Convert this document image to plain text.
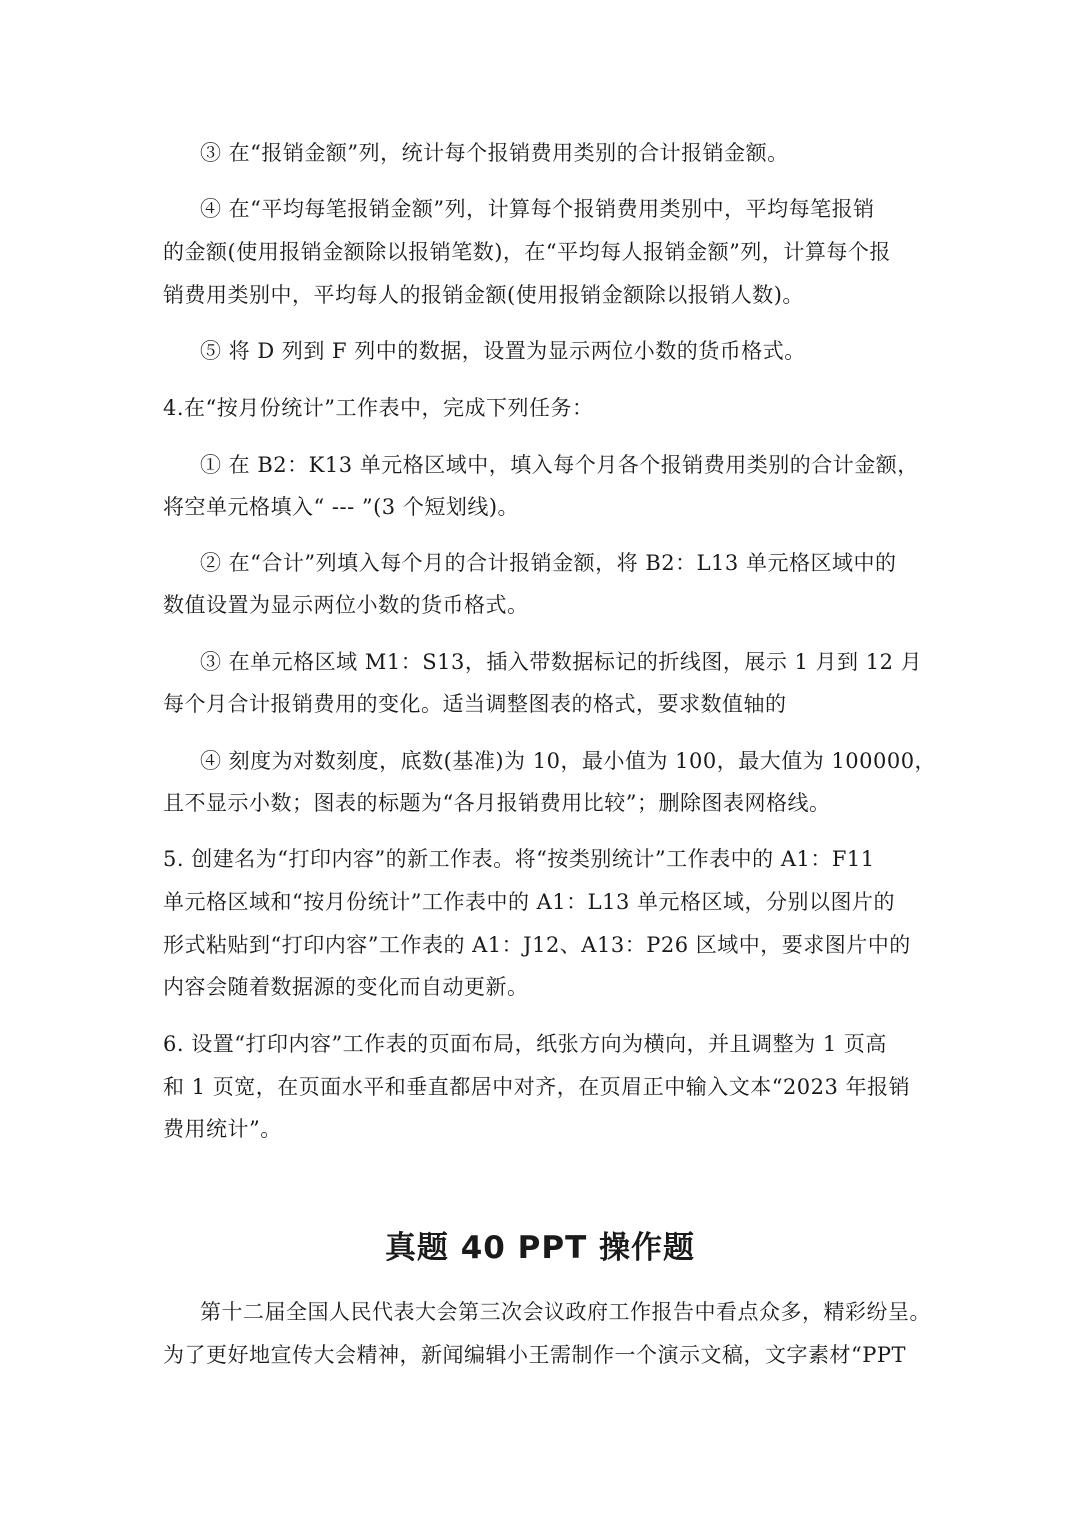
③ 在“报销金额”列，统计每个报销费用类别的合计报销金额。
④ 在“平均每笔报销金额”列，计算每个报销费用类别中，平均每笔报销
的金额(使用报销金额除以报销笔数)，在“平均每人报销金额”列，计算每个报
销费用类别中，平均每人的报销金额(使用报销金额除以报销人数)。
⑤ 将 D 列到 F 列中的数据，设置为显示两位小数的货币格式。
4.在“按月份统计”工作表中，完成下列任务：
① 在 B2：K13 单元格区域中，填入每个月各个报销费用类别的合计金额，
将空单元格填入“ --- ”(3 个短划线)。
② 在“合计”列填入每个月的合计报销金额，将 B2：L13 单元格区域中的
数值设置为显示两位小数的货币格式。
③ 在单元格区域 M1：S13，插入带数据标记的折线图，展示 1 月到 12 月
每个月合计报销费用的变化。适当调整图表的格式，要求数值轴的
④ 刻度为对数刻度，底数(基准)为 10，最小值为 100，最大值为 100000，
且不显示小数；图表的标题为“各月报销费用比较”；删除图表网格线。
5. 创建名为“打印内容”的新工作表。将“按类别统计”工作表中的 A1：F11
单元格区域和“按月份统计”工作表中的 A1：L13 单元格区域，分别以图片的
形式粘贴到“打印内容”工作表的 A1：J12、A13：P26 区域中，要求图片中的
内容会随着数据源的变化而自动更新。
6. 设置“打印内容”工作表的页面布局，纸张方向为横向，并且调整为 1 页高
和 1 页宽，在页面水平和垂直都居中对齐，在页眉正中输入文本“2023 年报销
费用统计”。
真题 40 PPT 操作题
第十二届全国人民代表大会第三次会议政府工作报告中看点众多，精彩纷呈。
为了更好地宣传大会精神，新闻编辑小王需制作一个演示文稿，文字素材“PPT
